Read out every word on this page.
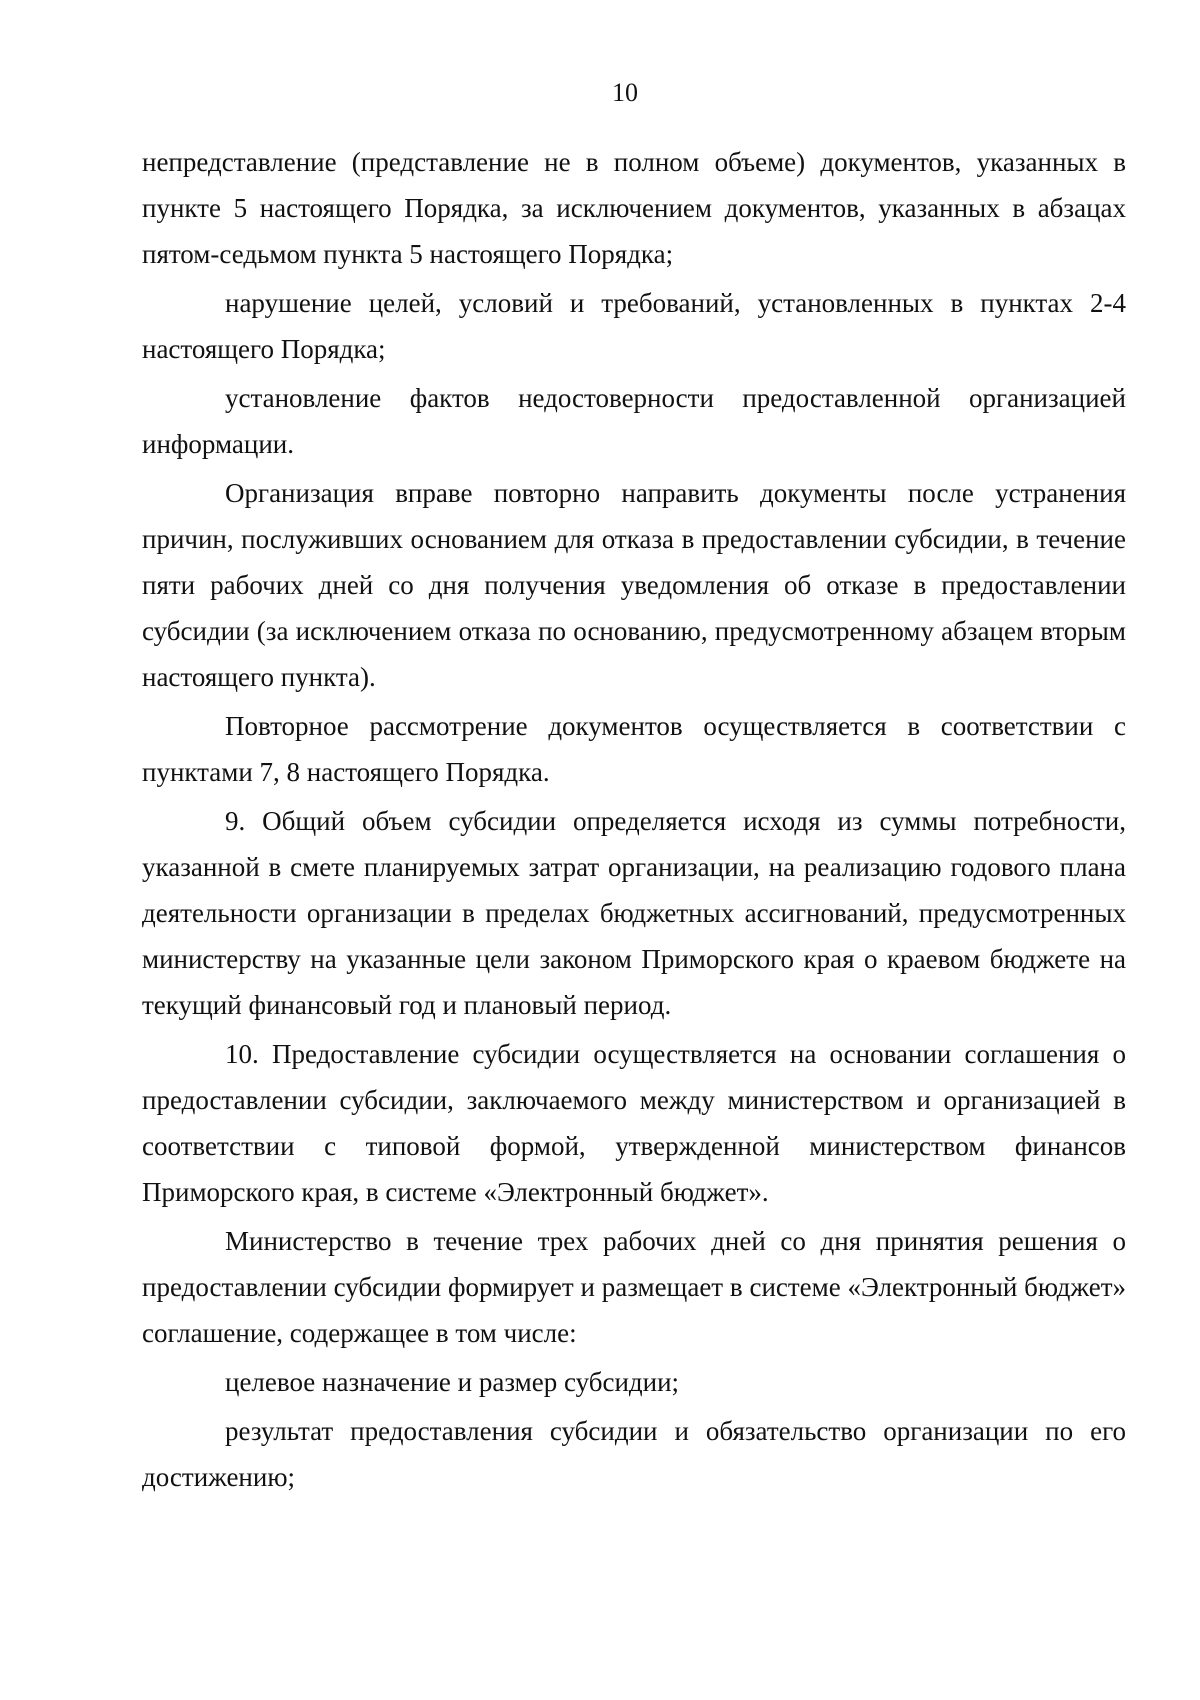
10

непредставление (представление не в полном объеме) документов, указанных в пункте 5 настоящего Порядка, за исключением документов, указанных в абзацах пятом-седьмом пункта 5 настоящего Порядка;

нарушение целей, условий и требований, установленных в пунктах 2-4 настоящего Порядка;

установление фактов недостоверности предоставленной организацией информации.

Организация вправе повторно направить документы после устранения причин, послуживших основанием для отказа в предоставлении субсидии, в течение пяти рабочих дней со дня получения уведомления об отказе в предоставлении субсидии (за исключением отказа по основанию, предусмотренному абзацем вторым настоящего пункта).

Повторное рассмотрение документов осуществляется в соответствии с пунктами 7, 8 настоящего Порядка.

9. Общий объем субсидии определяется исходя из суммы потребности, указанной в смете планируемых затрат организации, на реализацию годового плана деятельности организации в пределах бюджетных ассигнований, предусмотренных министерству на указанные цели законом Приморского края о краевом бюджете на текущий финансовый год и плановый период.

10. Предоставление субсидии осуществляется на основании соглашения о предоставлении субсидии, заключаемого между министерством и организацией в соответствии с типовой формой, утвержденной министерством финансов Приморского края, в системе «Электронный бюджет».

Министерство в течение трех рабочих дней со дня принятия решения о предоставлении субсидии формирует и размещает в системе «Электронный бюджет» соглашение, содержащее в том числе:

целевое назначение и размер субсидии;

результат предоставления субсидии и обязательство организации по его достижению;
